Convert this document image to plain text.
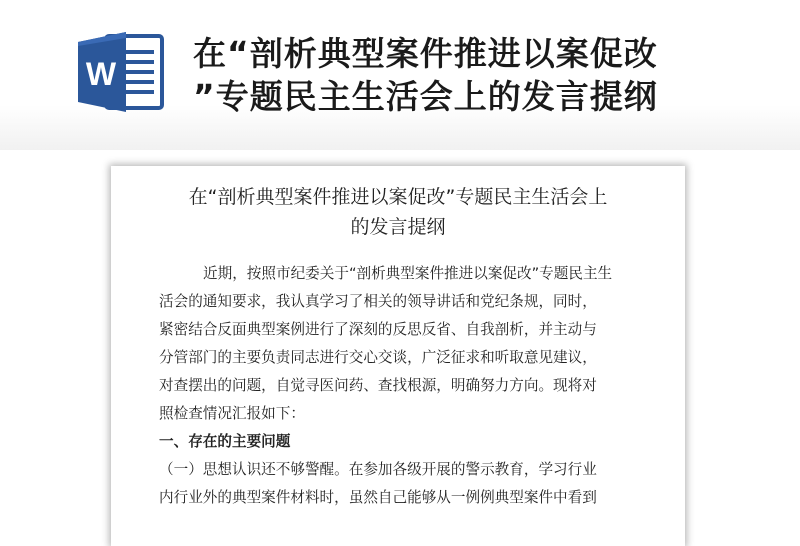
W
在“剖析典型案件推进以案促改
”专题民主生活会上的发言提纲
在“剖析典型案件推进以案促改”专题民主生活会上
的发言提纲
近期，按照市纪委关于“剖析典型案件推进以案促改”专题民主生
活会的通知要求，我认真学习了相关的领导讲话和党纪条规，同时，
紧密结合反面典型案例进行了深刻的反思反省、自我剖析，并主动与
分管部门的主要负责同志进行交心交谈，广泛征求和听取意见建议，
对查摆出的问题，自觉寻医问药、查找根源，明确努力方向。现将对
照检查情况汇报如下：
一、存在的主要问题
（一）思想认识还不够警醒。在参加各级开展的警示教育，学习行业
内行业外的典型案件材料时，虽然自己能够从一例例典型案件中看到
